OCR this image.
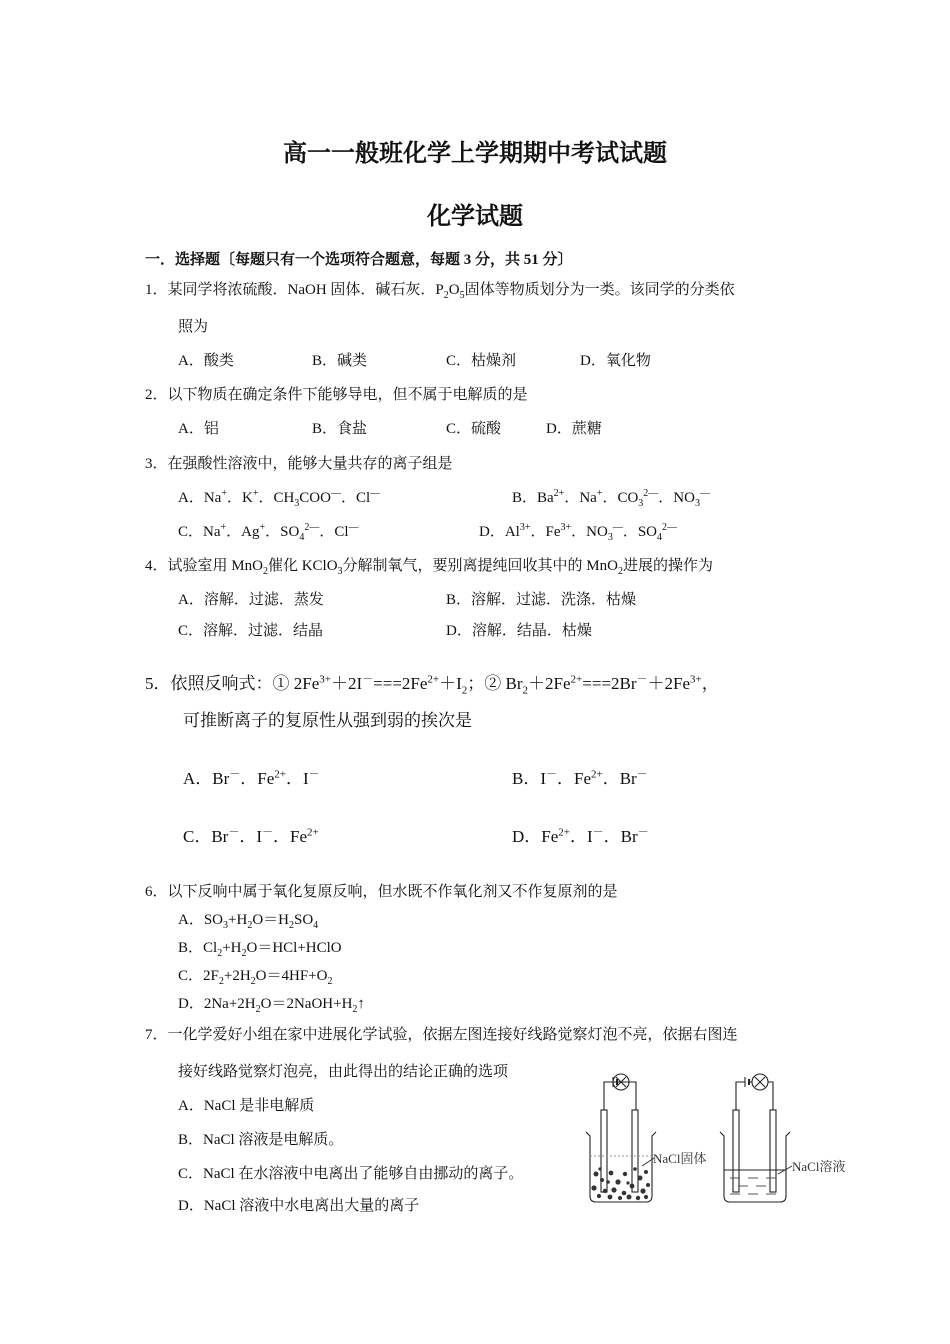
高一一般班化学上学期期中考试试题
化学试题
一．选择题〔每题只有一个选项符合题意，每题 3 分，共 51 分〕
1．某同学将浓硫酸．NaOH 固体．碱石灰．$P_2O_5$固体等物质划分为一类。该同学的分类依
照为
A．酸类	B．碱类	C．枯燥剂	D．氧化物
2．以下物质在确定条件下能够导电，但不属于电解质的是
A．铝	B．食盐	C．硫酸	D．蔗糖
3．在强酸性溶液中，能够大量共存的离子组是
A．Na+．K+．$CH_3COO^—$．Cl—	B．$Ba^{2+}$．Na+．$CO_3^{2—}$．$NO_3^—$
C．Na+．Ag+．$SO_4^{2—}$．Cl—	D．$Al^{3+}$．$Fe^{3+}$．$NO_3^—$．$SO_4^{2—}$
4．试验室用 MnO$_2$催化 KClO$_3$分解制氧气，要别离提纯回收其中的 MnO$_2$进展的操作为
A．溶解．过滤．蒸发	B．溶解．过滤．洗涤．枯燥
C．溶解．过滤．结晶	D．溶解．结晶．枯燥
5．依照反响式：① $2Fe^{3+}+2I^-===2Fe^{2+}+I_2$；② $Br_2+2Fe^{2+}===2Br^-+2Fe^{3+}$，
可推断离子的复原性从强到弱的挨次是
A．Br－．$Fe^{2+}$．I－	B．I－．$Fe^{2+}$．Br－
C．Br－．I－．$Fe^{2+}$	D．$Fe^{2+}$．I－．Br－
6．以下反响中属于氧化复原反响，但水既不作氧化剂又不作复原剂的是
A．$SO_3+H_2O=H_2SO_4$
B．$Cl_2+H_2O=HCl+HClO$
C．$2F_2+2H_2O=4HF+O_2$
D．$2Na+2H_2O=2NaOH+H_2↑$
7．一化学爱好小组在家中进展化学试验，依据左图连接好线路觉察灯泡不亮，依据右图连
接好线路觉察灯泡亮，由此得出的结论正确的选项
A．NaCl 是非电解质
B．NaCl 溶液是电解质。
C．NaCl 在水溶液中电离出了能够自由挪动的离子。
D．NaCl 溶液中水电离出大量的离子
NaCl固体
NaCl溶液
